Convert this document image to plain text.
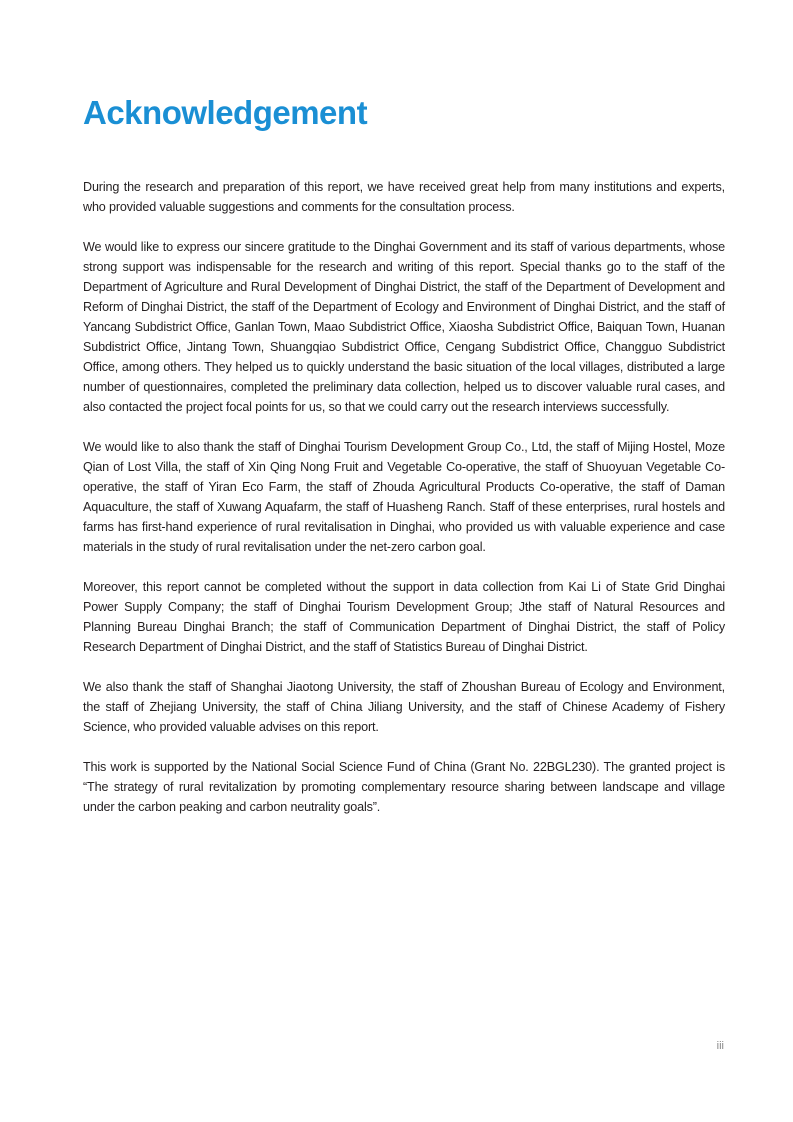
Acknowledgement

During the research and preparation of this report, we have received great help from many institutions and experts, who provided valuable suggestions and comments for the consultation process.

We would like to express our sincere gratitude to the Dinghai Government and its staff of various departments, whose strong support was indispensable for the research and writing of this report. Special thanks go to the staff of the Department of Agriculture and Rural Development of Dinghai District, the staff of the Department of Development and Reform of Dinghai District, the staff of the Department of Ecology and Environment of Dinghai District, and the staff of Yancang Subdistrict Office, Ganlan Town, Maao Subdistrict Office, Xiaosha Subdistrict Office, Baiquan Town, Huanan Subdistrict Office, Jintang Town, Shuangqiao Subdistrict Office, Cengang Subdistrict Office, Changguo Subdistrict Office, among others. They helped us to quickly understand the basic situation of the local villages, distributed a large number of questionnaires, completed the preliminary data collection, helped us to discover valuable rural cases, and also contacted the project focal points for us, so that we could carry out the research interviews successfully.

We would like to also thank the staff of Dinghai Tourism Development Group Co., Ltd, the staff of Mijing Hostel, Moze Qian of Lost Villa, the staff of Xin Qing Nong Fruit and Vegetable Co-operative, the staff of Shuoyuan Vegetable Co-operative, the staff of Yiran Eco Farm, the staff of Zhouda Agricultural Products Co-operative, the staff of Daman Aquaculture, the staff of Xuwang Aquafarm, the staff of Huasheng Ranch. Staff of these enterprises, rural hostels and farms has first-hand experience of rural revitalisation in Dinghai, who provided us with valuable experience and case materials in the study of rural revitalisation under the net-zero carbon goal.

Moreover, this report cannot be completed without the support in data collection from Kai Li of State Grid Dinghai Power Supply Company; the staff of Dinghai Tourism Development Group; Jthe staff of Natural Resources and Planning Bureau Dinghai Branch; the staff of Communication Department of Dinghai District, the staff of Policy Research Department of Dinghai District, and the staff of Statistics Bureau of Dinghai District.

We also thank the staff of Shanghai Jiaotong University, the staff of Zhoushan Bureau of Ecology and Environment, the staff of Zhejiang University, the staff of China Jiliang University, and the staff of Chinese Academy of Fishery Science, who provided valuable advises on this report.

This work is supported by the National Social Science Fund of China (Grant No. 22BGL230). The granted project is “The strategy of rural revitalization by promoting complementary resource sharing between landscape and village under the carbon peaking and carbon neutrality goals”.

iii
